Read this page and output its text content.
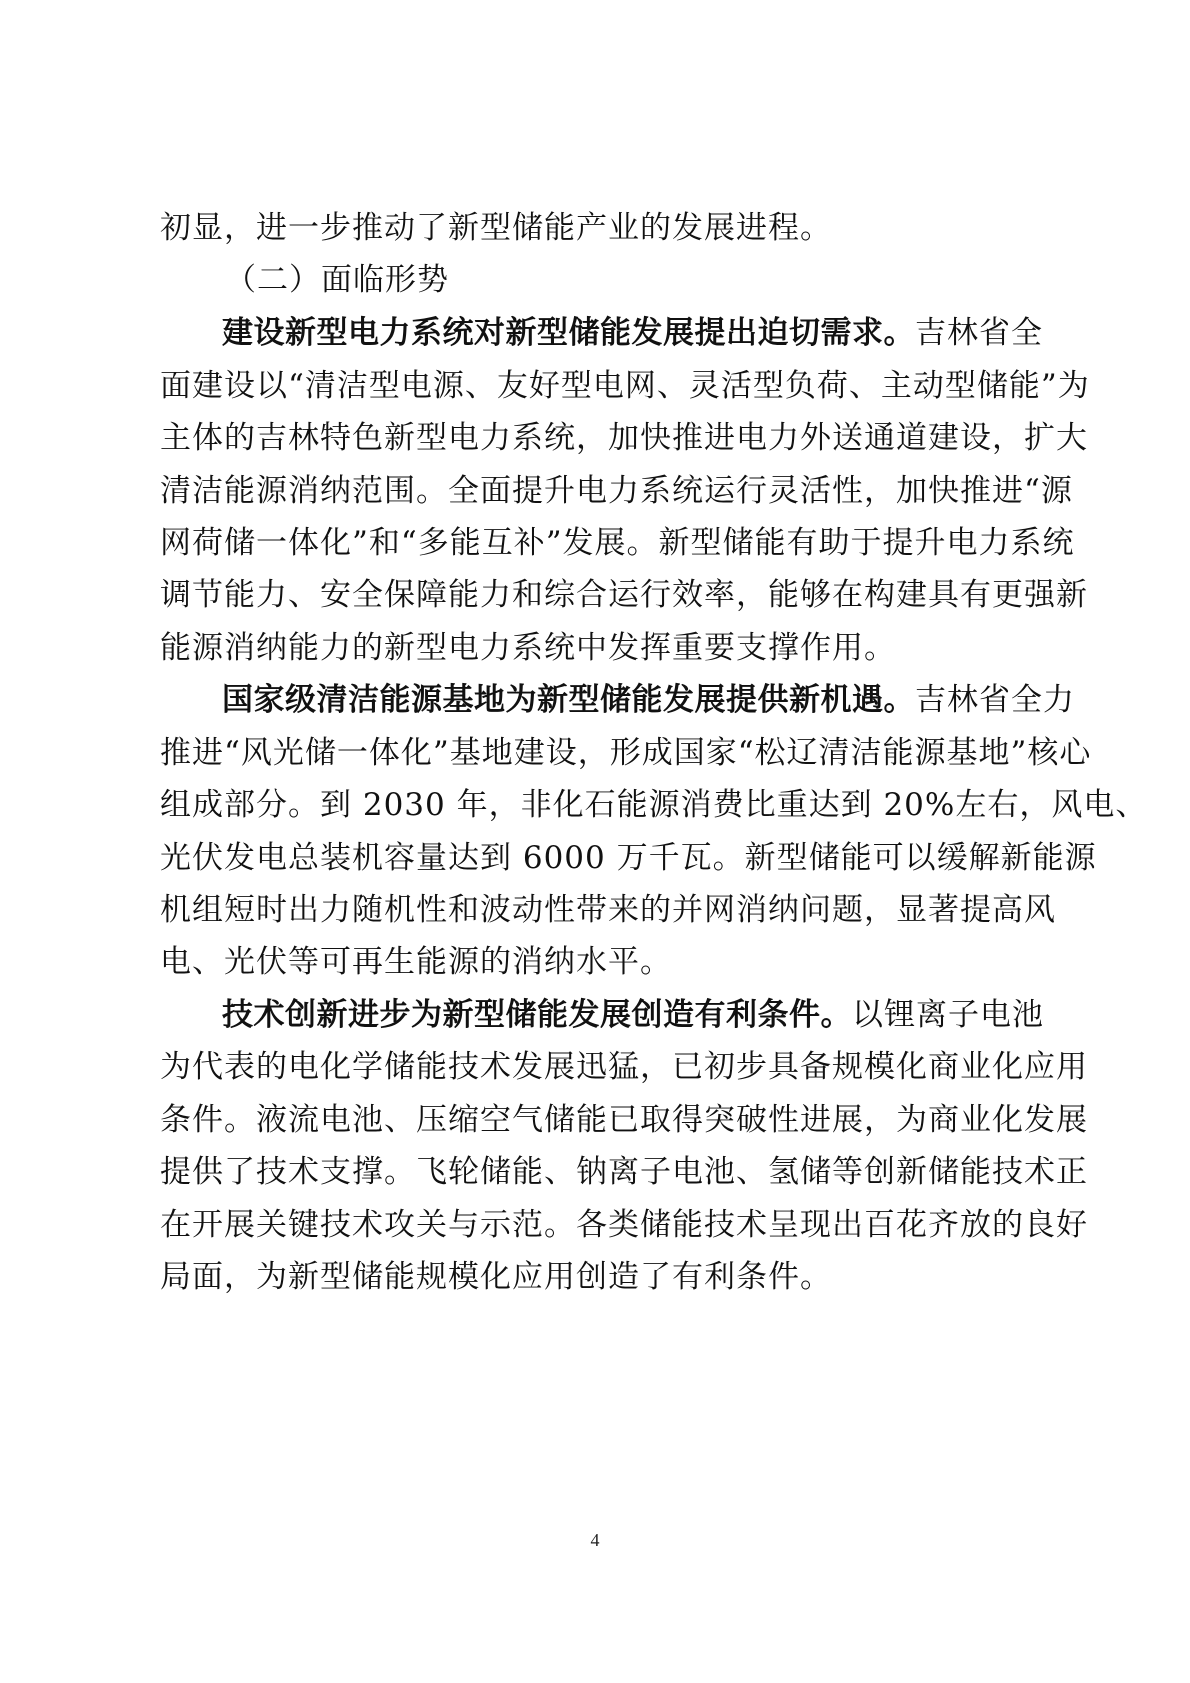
初显，进一步推动了新型储能产业的发展进程。
（二）面临形势
建设新型电力系统对新型储能发展提出迫切需求。吉林省全
面建设以“清洁型电源、友好型电网、灵活型负荷、主动型储能”为
主体的吉林特色新型电力系统，加快推进电力外送通道建设，扩大
清洁能源消纳范围。全面提升电力系统运行灵活性，加快推进“源
网荷储一体化”和“多能互补”发展。新型储能有助于提升电力系统
调节能力、安全保障能力和综合运行效率，能够在构建具有更强新
能源消纳能力的新型电力系统中发挥重要支撑作用。
国家级清洁能源基地为新型储能发展提供新机遇。吉林省全力
推进“风光储一体化”基地建设，形成国家“松辽清洁能源基地”核心
组成部分。到 2030 年，非化石能源消费比重达到 20%左右，风电、
光伏发电总装机容量达到 6000 万千瓦。新型储能可以缓解新能源
机组短时出力随机性和波动性带来的并网消纳问题，显著提高风
电、光伏等可再生能源的消纳水平。
技术创新进步为新型储能发展创造有利条件。以锂离子电池
为代表的电化学储能技术发展迅猛，已初步具备规模化商业化应用
条件。液流电池、压缩空气储能已取得突破性进展，为商业化发展
提供了技术支撑。飞轮储能、钠离子电池、氢储等创新储能技术正
在开展关键技术攻关与示范。各类储能技术呈现出百花齐放的良好
局面，为新型储能规模化应用创造了有利条件。
4
